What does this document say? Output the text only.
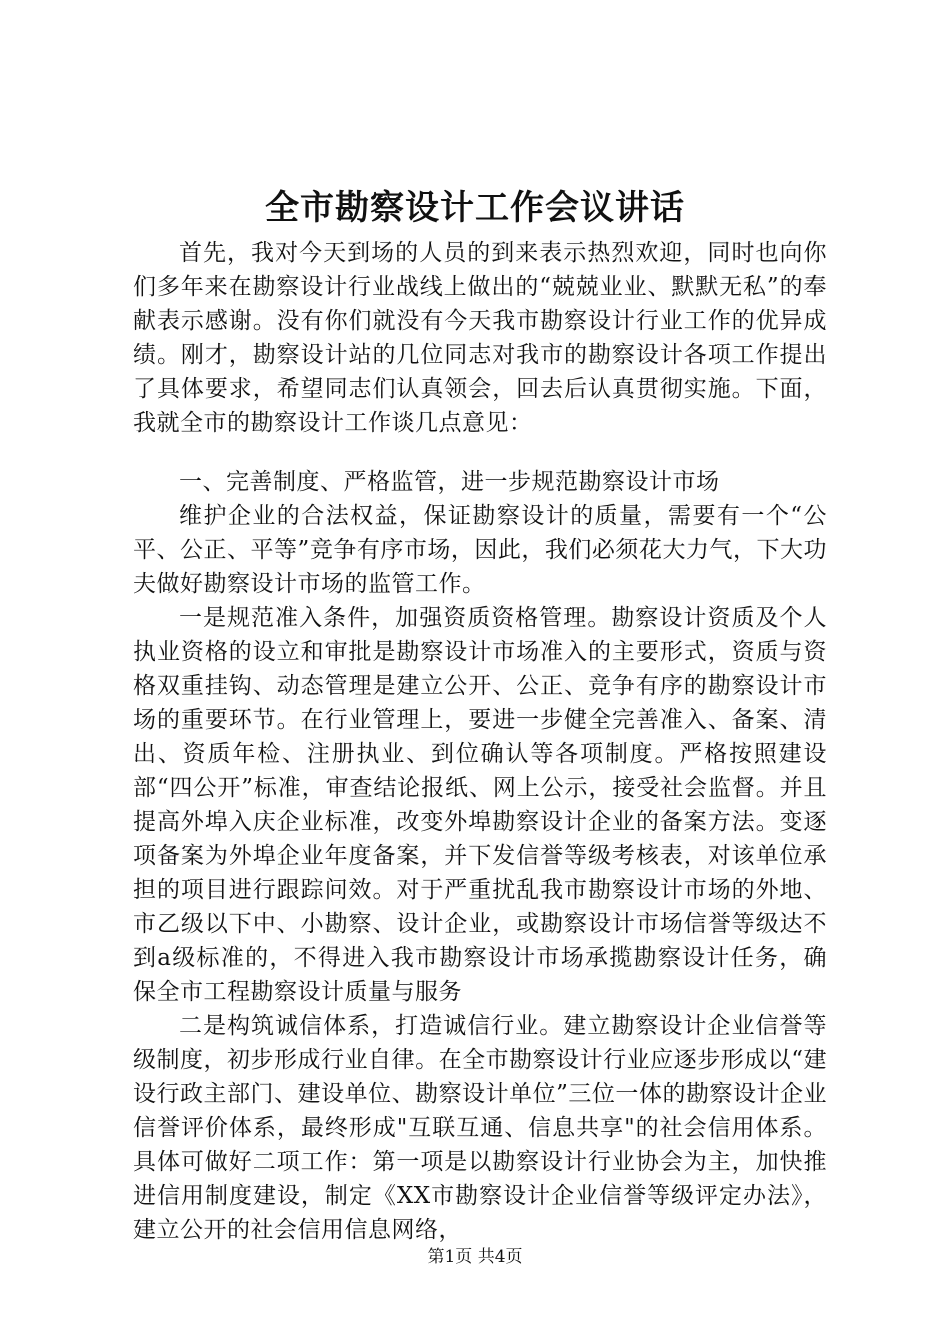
全市勘察设计工作会议讲话

首先，我对今天到场的人员的到来表示热烈欢迎，同时也向你们多年来在勘察设计行业战线上做出的“兢兢业业、默默无私”的奉献表示感谢。没有你们就没有今天我市勘察设计行业工作的优异成绩。刚才，勘察设计站的几位同志对我市的勘察设计各项工作提出了具体要求，希望同志们认真领会，回去后认真贯彻实施。下面，我就全市的勘察设计工作谈几点意见：

一、完善制度、严格监管，进一步规范勘察设计市场

维护企业的合法权益，保证勘察设计的质量，需要有一个“公平、公正、平等”竞争有序市场，因此，我们必须花大力气，下大功夫做好勘察设计市场的监管工作。

一是规范准入条件，加强资质资格管理。勘察设计资质及个人执业资格的设立和审批是勘察设计市场准入的主要形式，资质与资格双重挂钩、动态管理是建立公开、公正、竞争有序的勘察设计市场的重要环节。在行业管理上，要进一步健全完善准入、备案、清出、资质年检、注册执业、到位确认等各项制度。严格按照建设部“四公开”标准，审查结论报纸、网上公示，接受社会监督。并且提高外埠入庆企业标准，改变外埠勘察设计企业的备案方法。变逐项备案为外埠企业年度备案，并下发信誉等级考核表，对该单位承担的项目进行跟踪问效。对于严重扰乱我市勘察设计市场的外地、市乙级以下中、小勘察、设计企业，或勘察设计市场信誉等级达不到a级标准的，不得进入我市勘察设计市场承揽勘察设计任务，确保全市工程勘察设计质量与服务

二是构筑诚信体系，打造诚信行业。建立勘察设计企业信誉等级制度，初步形成行业自律。在全市勘察设计行业应逐步形成以“建设行政主部门、建设单位、勘察设计单位”三位一体的勘察设计企业信誉评价体系，最终形成"互联互通、信息共享"的社会信用体系。具体可做好二项工作：第一项是以勘察设计行业协会为主，加快推进信用制度建设，制定《XX市勘察设计企业信誉等级评定办法》，建立公开的社会信用信息网络，

第1页 共4页
